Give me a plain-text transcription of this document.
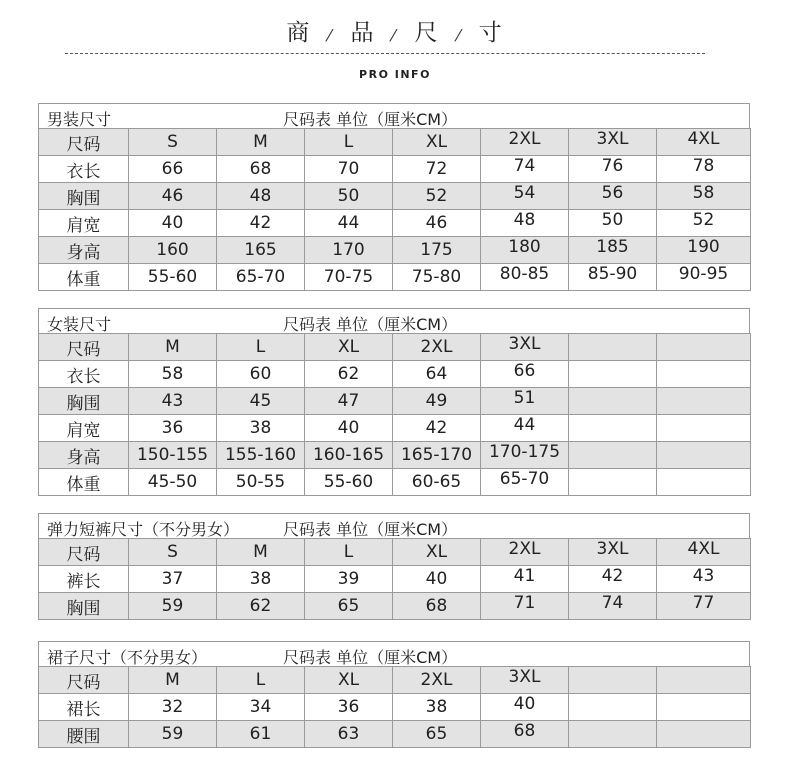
商 / 品 / 尺 / 寸
PRO INFO
男装尺寸	尺码表 单位（厘米CM）
尺码	S	M	L	XL	2XL	3XL	4XL
衣长	66	68	70	72	74	76	78
胸围	46	48	50	52	54	56	58
肩宽	40	42	44	46	48	50	52
身高	160	165	170	175	180	185	190
体重	55-60	65-70	70-75	75-80	80-85	85-90	90-95
女装尺寸	尺码表 单位（厘米CM）
尺码	M	L	XL	2XL	3XL		
衣长	58	60	62	64	66		
胸围	43	45	47	49	51		
肩宽	36	38	40	42	44		
身高	150-155	155-160	160-165	165-170	170-175		
体重	45-50	50-55	55-60	60-65	65-70		
弹力短裤尺寸（不分男女）	尺码表 单位（厘米CM）
尺码	S	M	L	XL	2XL	3XL	4XL
裤长	37	38	39	40	41	42	43
胸围	59	62	65	68	71	74	77
裙子尺寸（不分男女）	尺码表 单位（厘米CM）
尺码	M	L	XL	2XL	3XL		
裙长	32	34	36	38	40		
腰围	59	61	63	65	68		
